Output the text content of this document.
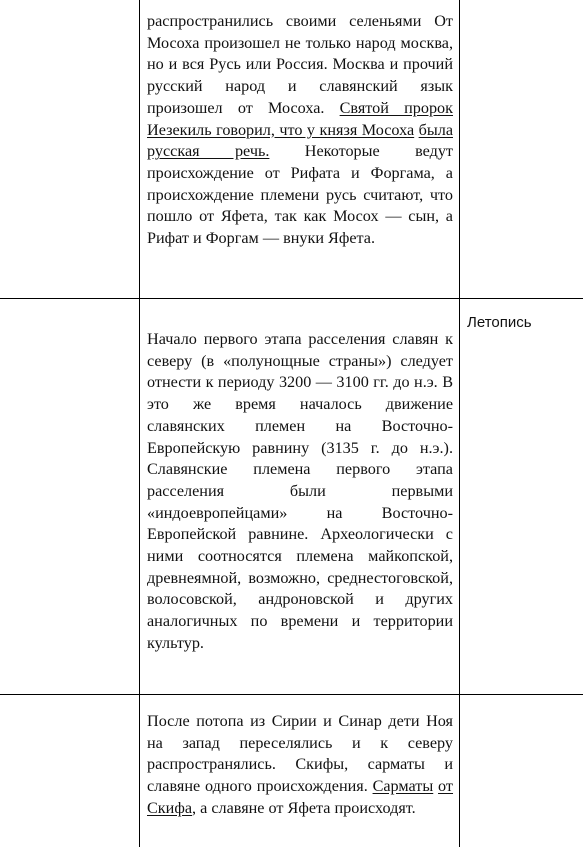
распространились своими селеньями От Мосоха произошел не только народ москва, но и вся Русь или Россия. Москва и прочий русский народ и славянский язык произошел от Мосоха. Святой пророк Иезекиль говорил, что у князя Мосоха была русская речь. Некоторые ведут происхождение от Рифата и Форгама, а происхождение племени русь считают, что пошло от Яфета, так как Мосох — сын, а Рифат и Форгам — внуки Яфета.

Начало первого этапа расселения славян к северу (в «полунощные страны») следует отнести к периоду 3200 — 3100 гг. до н.э. В это же время началось движение славянских племен на Восточно- Европейскую равнину (3135 г. до н.э.). Славянские племена первого этапа расселения были первыми «индоевропейцами» на Восточно-Европейской равнине. Археологически с ними соотносятся племена майкопской, древнеямной, возможно, среднестоговской, волосовской, андроновской и других аналогичных по времени и территории культур.

После потопа из Сирии и Синар дети Ноя на запад переселялись и к северу распространялись. Скифы, сарматы и славяне одного происхождения. Сарматы от Скифа, а славяне от Яфета происходят.

Летопись
